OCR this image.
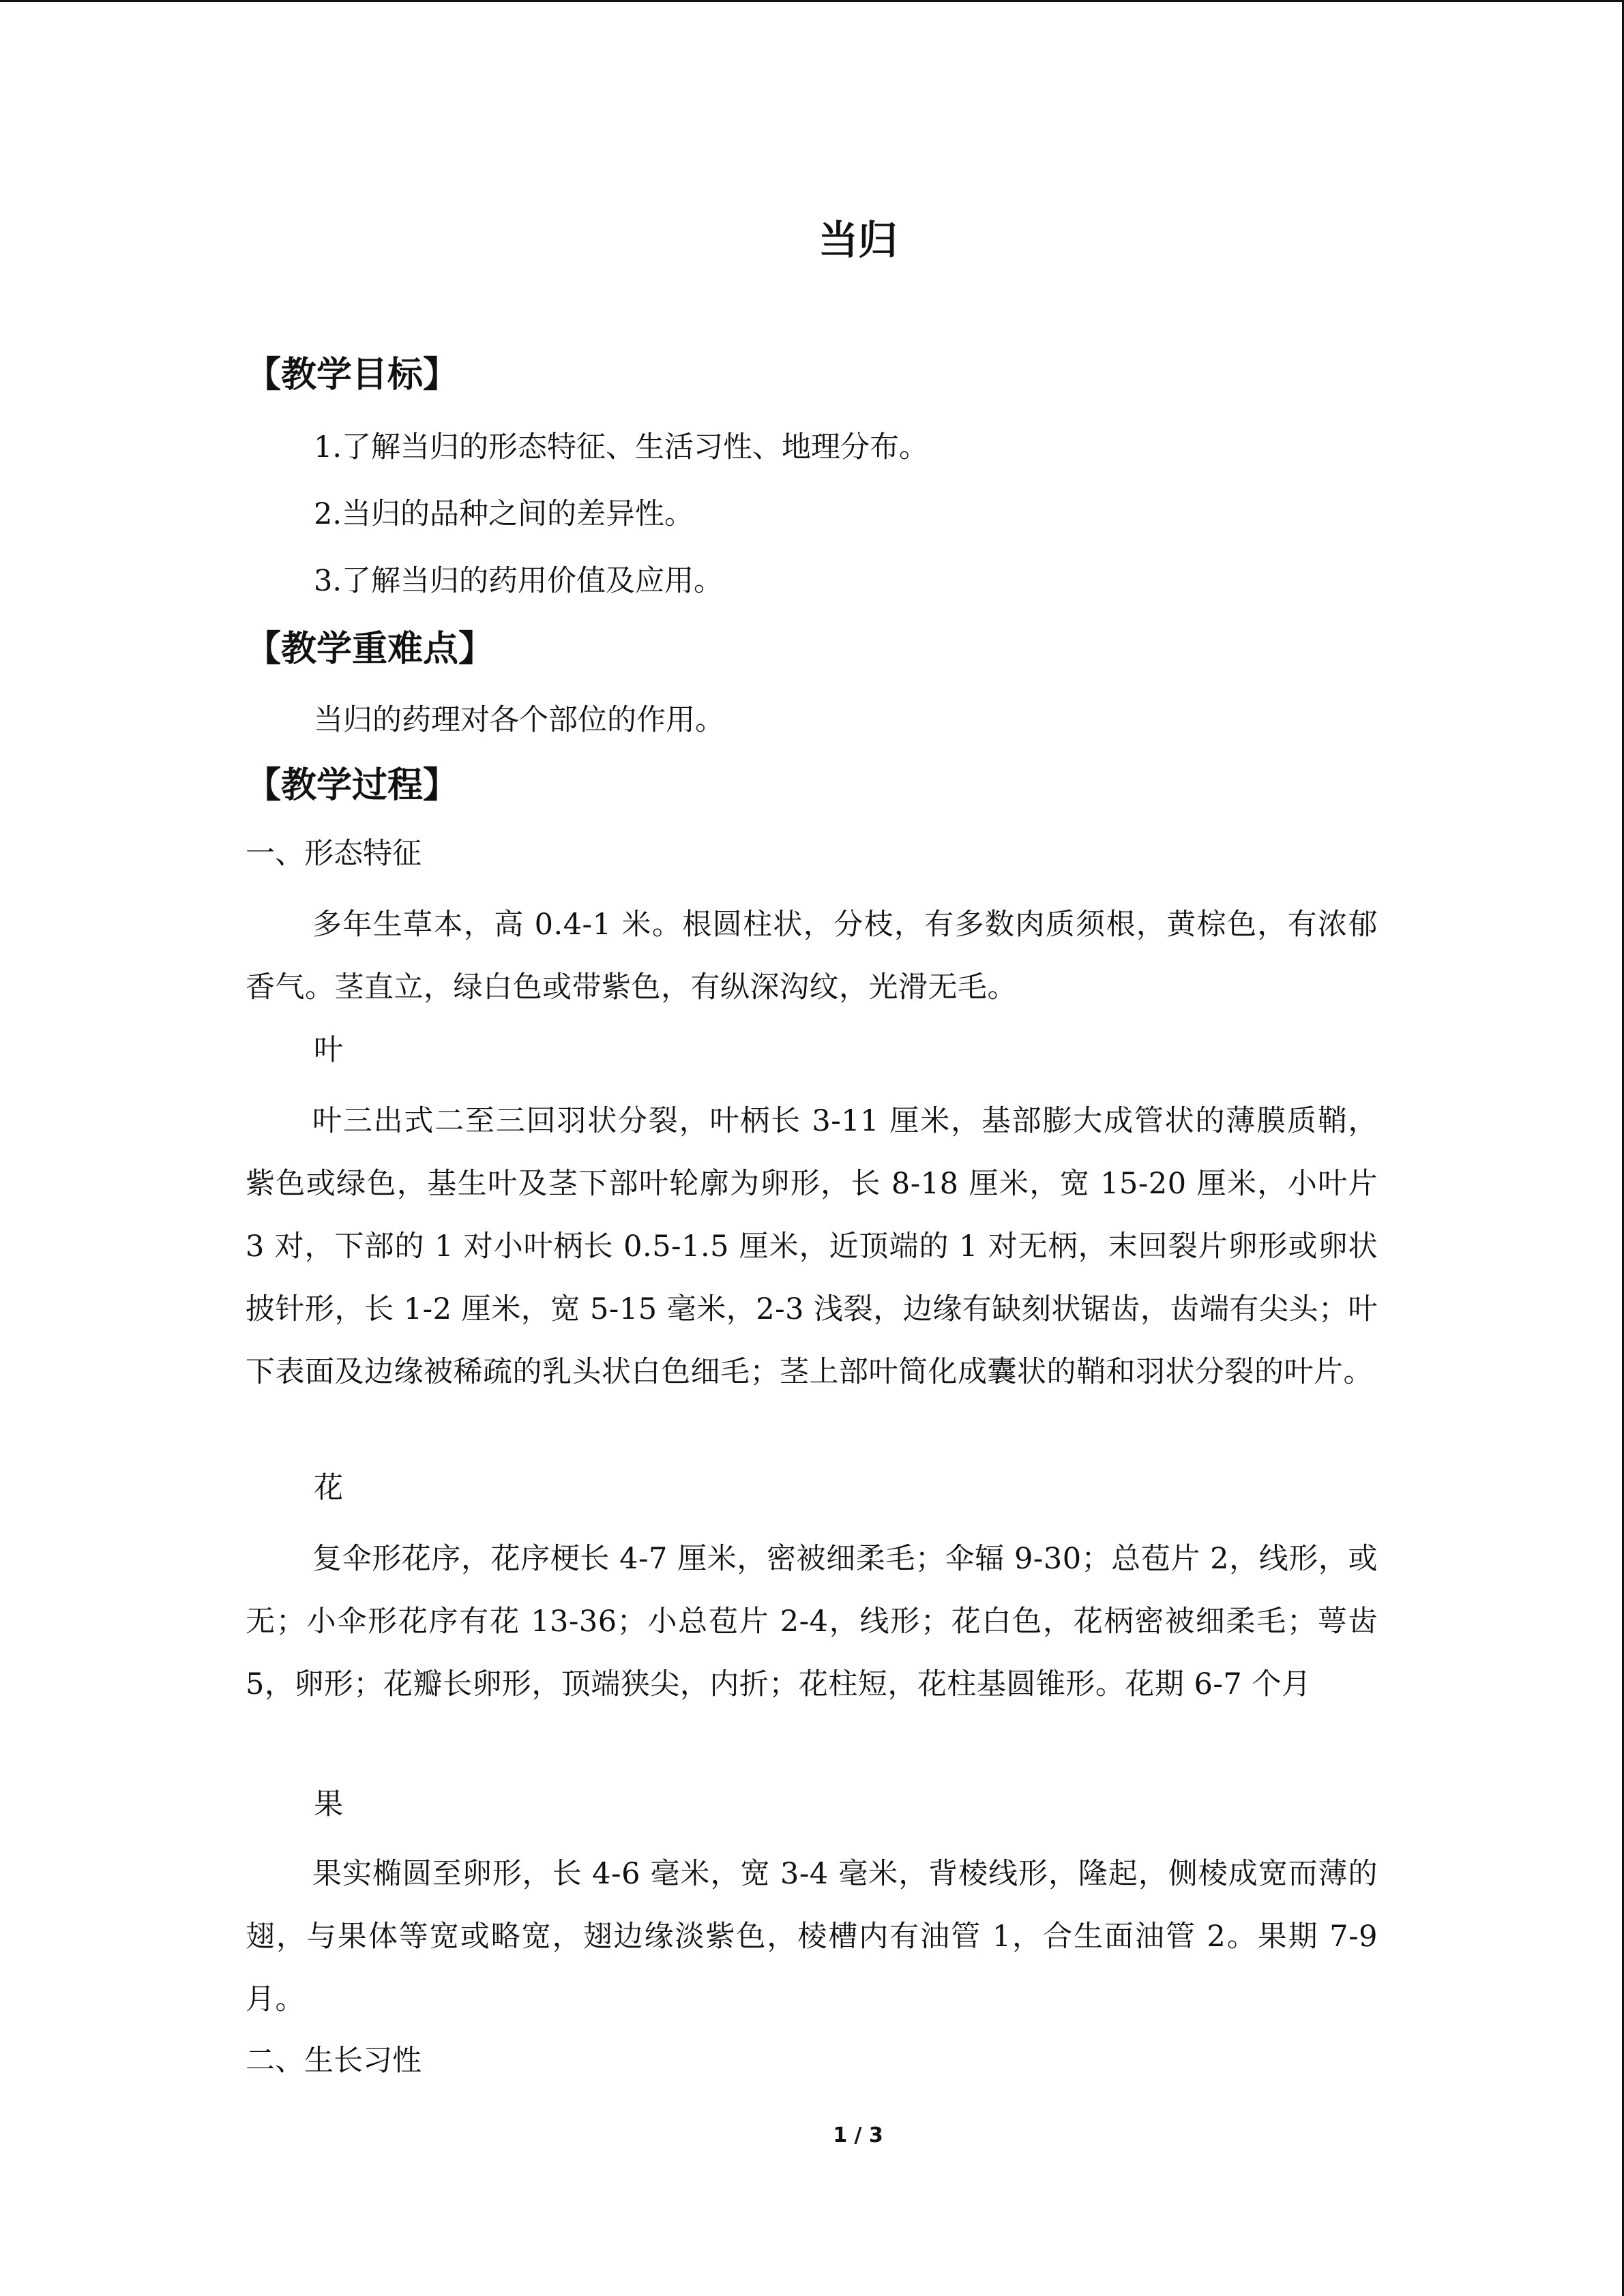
当归
【教学目标】
1.了解当归的形态特征、生活习性、地理分布。
2.当归的品种之间的差异性。
3.了解当归的药用价值及应用。
【教学重难点】
当归的药理对各个部位的作用。
【教学过程】
一、形态特征
多年生草本，高 0.4-1 米。根圆柱状，分枝，有多数肉质须根，黄棕色，有浓郁香气。茎直立，绿白色或带紫色，有纵深沟纹，光滑无毛。
叶
叶三出式二至三回羽状分裂，叶柄长 3-11 厘米，基部膨大成管状的薄膜质鞘，紫色或绿色，基生叶及茎下部叶轮廓为卵形，长 8-18 厘米，宽 15-20 厘米，小叶片 3 对，下部的 1 对小叶柄长 0.5-1.5 厘米，近顶端的 1 对无柄，末回裂片卵形或卵状披针形，长 1-2 厘米，宽 5-15 毫米，2-3 浅裂，边缘有缺刻状锯齿，齿端有尖头；叶下表面及边缘被稀疏的乳头状白色细毛；茎上部叶简化成囊状的鞘和羽状分裂的叶片。
花
复伞形花序，花序梗长 4-7 厘米，密被细柔毛；伞辐 9-30；总苞片 2，线形，或无；小伞形花序有花 13-36；小总苞片 2-4，线形；花白色，花柄密被细柔毛；萼齿 5，卵形；花瓣长卵形，顶端狭尖，内折；花柱短，花柱基圆锥形。花期 6-7 个月
果
果实椭圆至卵形，长 4-6 毫米，宽 3-4 毫米，背棱线形，隆起，侧棱成宽而薄的翅，与果体等宽或略宽，翅边缘淡紫色，棱槽内有油管 1，合生面油管 2。果期 7-9 月。
二、生长习性
1 / 3
